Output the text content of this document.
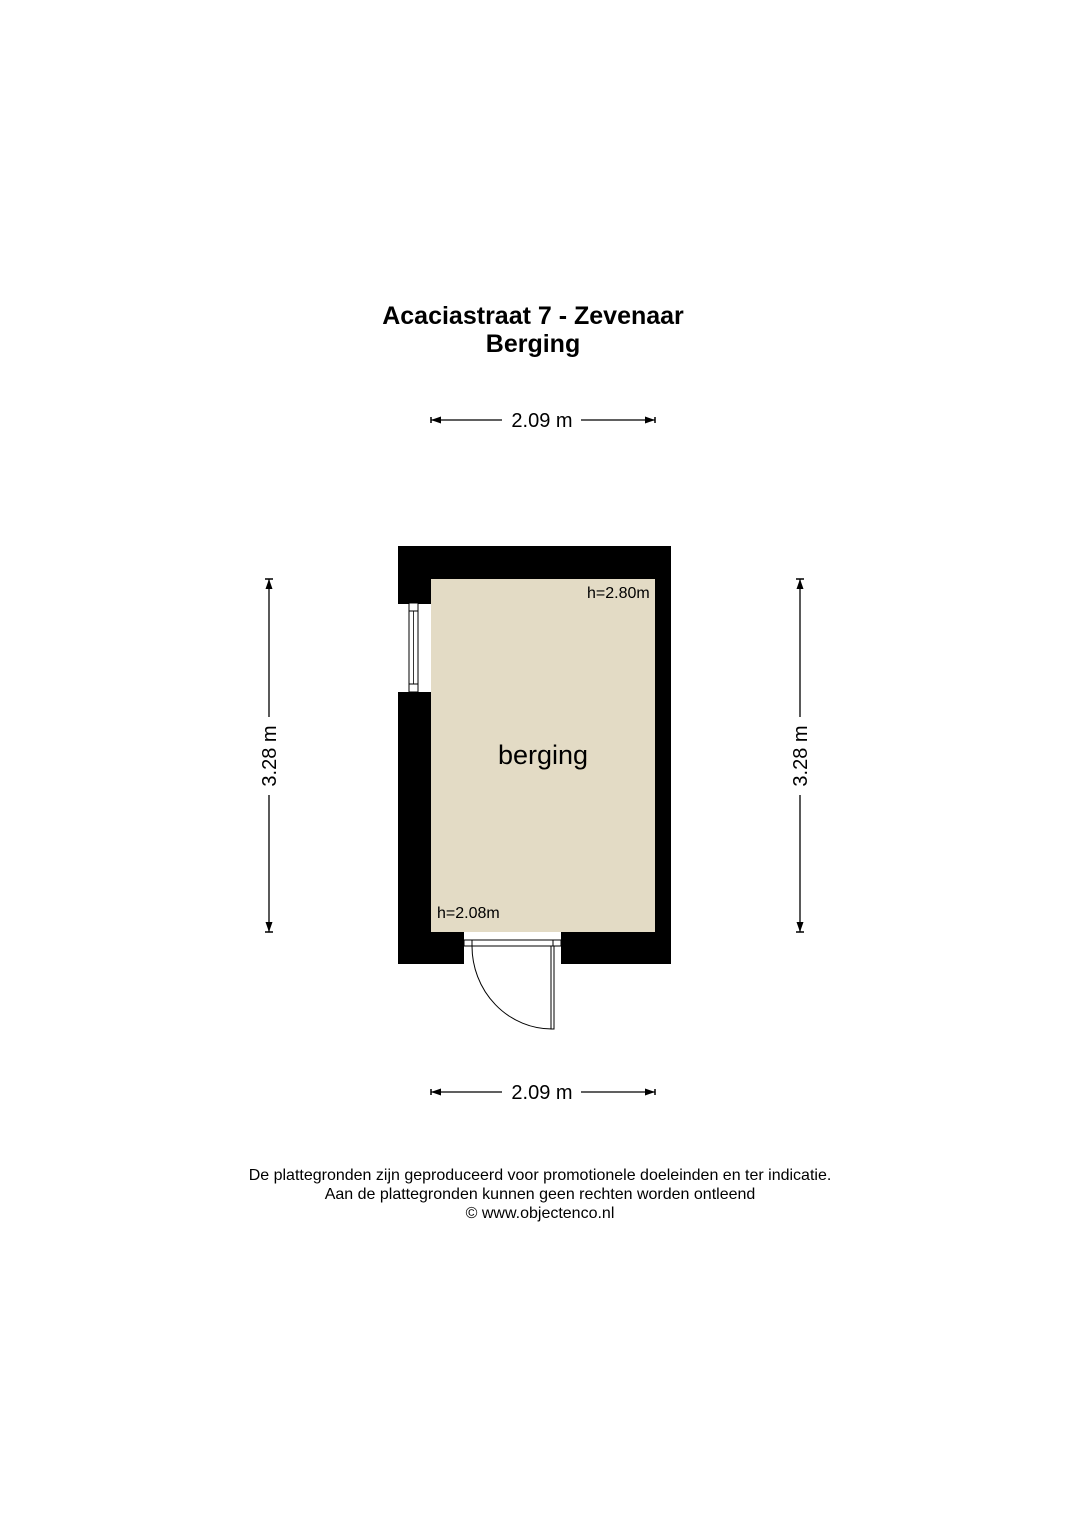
Acaciastraat 7 - Zevenaar
Berging
2.09 m
3.28 m	3.28 m
berging
h=2.80m
h=2.08m
2.09 m
De plattegronden zijn geproduceerd voor promotionele doeleinden en ter indicatie.
Aan de plattegronden kunnen geen rechten worden ontleend
© www.objectenco.nl
